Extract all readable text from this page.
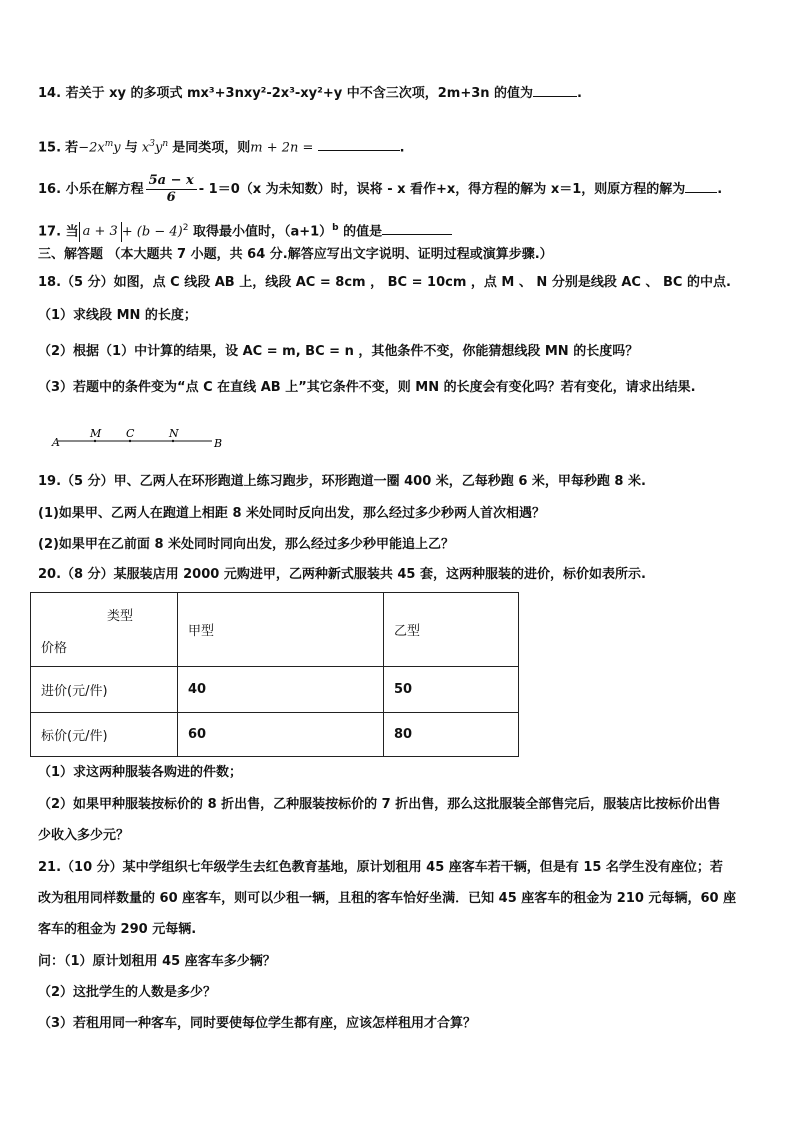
14. 若关于 xy 的多项式 mx³+3nxy²-2x³-xy²+y 中不含三次项，2m+3n 的值为	.
15. 若$-2x^my$ 与 $x^3y^n$ 是同类项，则m + 2n =	.
16. 小乐在解方程 $\frac{5a - x}{6} - 1=0(x$ 为未知数）时，误将 - x 看作+x，得方程的解为 x＝1，则原方程的解为 .
17. 当 $a + 3 + (b - 4)^2$ 取得最小值时，$(a+1)^b$ 的值是
三、解答题 （本大题共 7 小题，共 64 分.解答应写出文字说明、证明过程或演算步骤.）
18.（5 分）如图，点 C 线段 AB 上，线段 AC = 8cm ， BC = 10cm ，点 M 、 N 分别是线段 AC 、 BC 的中点.
（1）求线段 MN 的长度；
（2）根据（1）中计算的结果，设 AC = m, BC = n ，其他条件不变，你能猜想线段 MN 的长度吗？
（3）若题中的条件变为“点 C 在直线 AB 上”其它条件不变，则 MN 的长度会有变化吗？若有变化，请求出结果.
A
M C	N
B
19.（5 分）甲、乙两人在环形跑道上练习跑步，环形跑道一圈 400 米，乙每秒跑 6 米，甲每秒跑 8 米.
(1)如果甲、乙两人在跑道上相距 8 米处同时反向出发，那么经过多少秒两人首次相遇？
(2)如果甲在乙前面 8 米处同时同向出发，那么经过多少秒甲能追上乙？
20.（8 分）某服装店用 2000 元购进甲，乙两种新式服装共 45 套，这两种服装的进价，标价如表所示.
类型
价格	甲型	乙型
进价(元/件)	40	50
标价(元/件)	60	80
（1）求这两种服装各购进的件数；
（2）如果甲种服装按标价的 8 折出售，乙种服装按标价的 7 折出售，那么这批服装全部售完后，服装店比按标价出售
少收入多少元？
21.（10 分）某中学组织七年级学生去红色教育基地，原计划租用 45 座客车若干辆，但是有 15 名学生没有座位；若
改为租用同样数量的 60 座客车，则可以少租一辆，且租的客车恰好坐满．已知 45 座客车的租金为 210 元每辆，60 座
客车的租金为 290 元每辆.
问：（1）原计划租用 45 座客车多少辆？
（2）这批学生的人数是多少？
（3）若租用同一种客车，同时要使每位学生都有座，应该怎样租用才合算？
